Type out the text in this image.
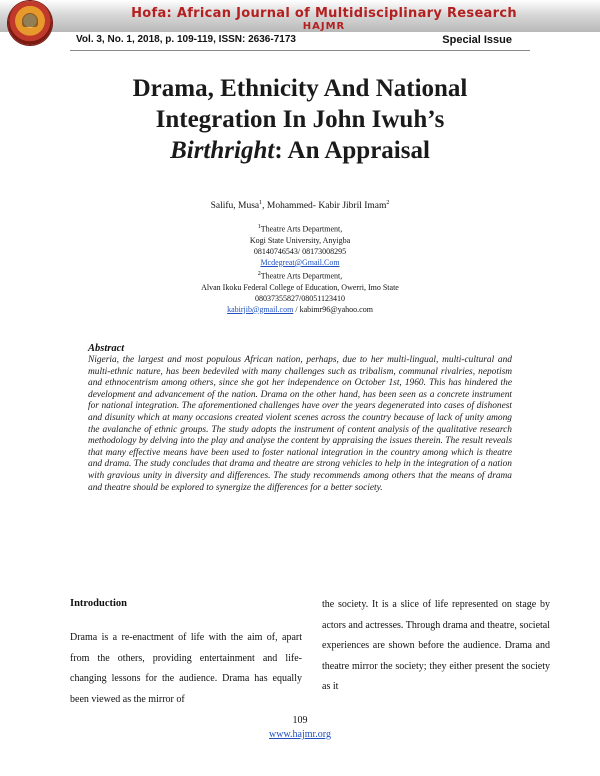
Hofa: African Journal of Multidisciplinary Research
HAJMR
Vol. 3, No. 1, 2018, p. 109-119, ISSN: 2636-7173	Special Issue
Drama, Ethnicity And National
Integration In John Iwuh’s
Birthright: An Appraisal
Salifu, Musa$^1$, Mohammed- Kabir Jibril Imam$^2$
$^1$Theatre Arts Department,
Kogi State University, Anyigba
08140746543/ 08173008295
Mcdegreat@Gmail.Com
$^2$Theatre Arts Department,
Alvan Ikoku Federal College of Education, Owerri, Imo State
08037355827/08051123410
kabirjib@gmail.com / kabimr96@yahoo.com
Abstract
Nigeria, the largest and most populous African nation, perhaps, due to her multi-lingual, multi-cultural and multi-ethnic nature, has been bedeviled with many challenges such as tribalism, communal rivalries, nepotism and ethnocentrism among others, since she got her independence on October 1st, 1960. This has hindered the development and advancement of the nation. Drama on the other hand, has been seen as a concrete instrument for national integration. The aforementioned challenges have over the years degenerated into cases of dishonest and disunity which at many occasions created violent scenes across the country because of lack of unity among the avalanche of ethnic groups. The study adopts the instrument of content analysis of the qualitative research methodology by delving into the play and analyse the content by appraising the issues therein. The result reveals that many effective means have been used to foster national integration in the country among which is theatre and drama. The study concludes that drama and theatre are strong vehicles to help in the integration of a nation with gravious unity in diversity and differences. The study recommends among others that the means of drama and theatre should be explored to synergize the differences for a better society.
Introduction
Drama is a re-enactment of life with the aim of, apart from the others, providing entertainment and life-changing lessons for the audience. Drama has equally been viewed as the mirror of
the society. It is a slice of life represented on stage by actors and actresses. Through drama and theatre, societal experiences are shown before the audience. Drama and theatre mirror the society; they either present the society as it
109
www.hajmr.org
